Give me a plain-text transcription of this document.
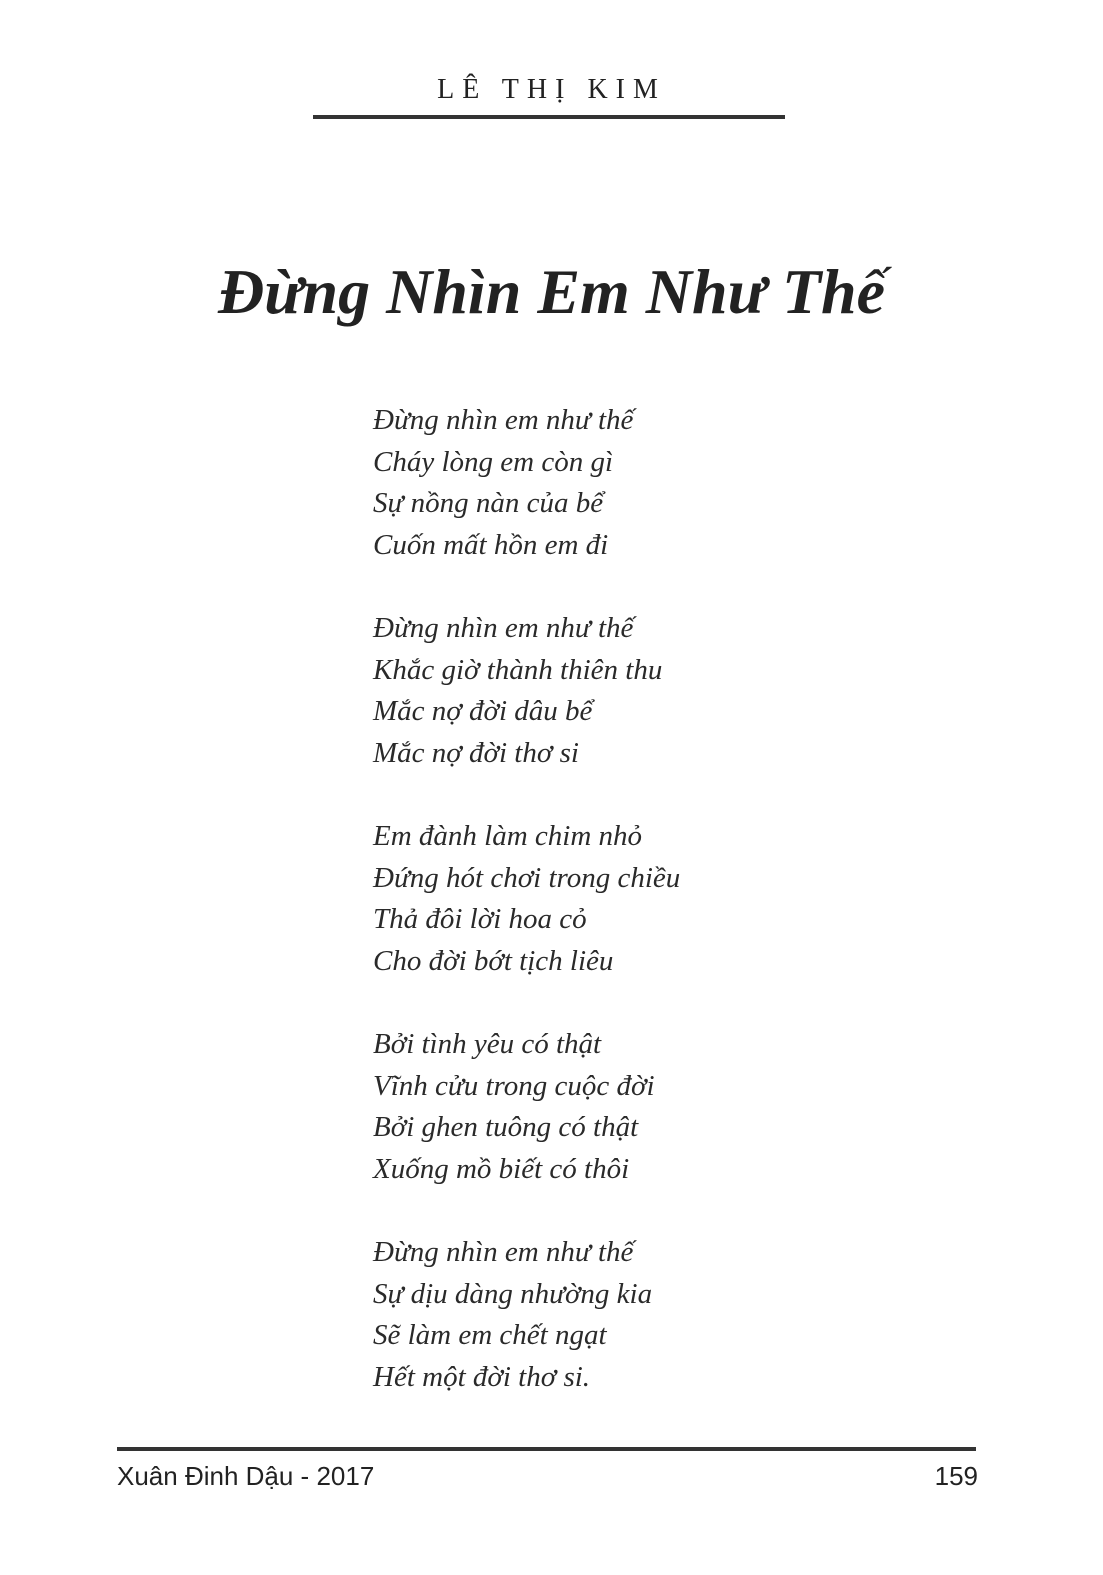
LÊ THỊ KIM
Đừng Nhìn Em Như Thế
Đừng nhìn em như thế
Cháy lòng em còn gì
Sự nồng nàn của bể
Cuốn mất hồn em đi
Đừng nhìn em như thế
Khắc giờ thành thiên thu
Mắc nợ đời dâu bể
Mắc nợ đời thơ si
Em đành làm chim nhỏ
Đứng hót chơi trong chiều
Thả đôi lời hoa cỏ
Cho đời bớt tịch liêu
Bởi tình yêu có thật
Vĩnh cửu trong cuộc đời
Bởi ghen tuông có thật
Xuống mồ biết có thôi
Đừng nhìn em như thế
Sự dịu dàng nhường kia
Sẽ làm em chết ngạt
Hết một đời thơ si.
Xuân Đinh Dậu - 2017	159
